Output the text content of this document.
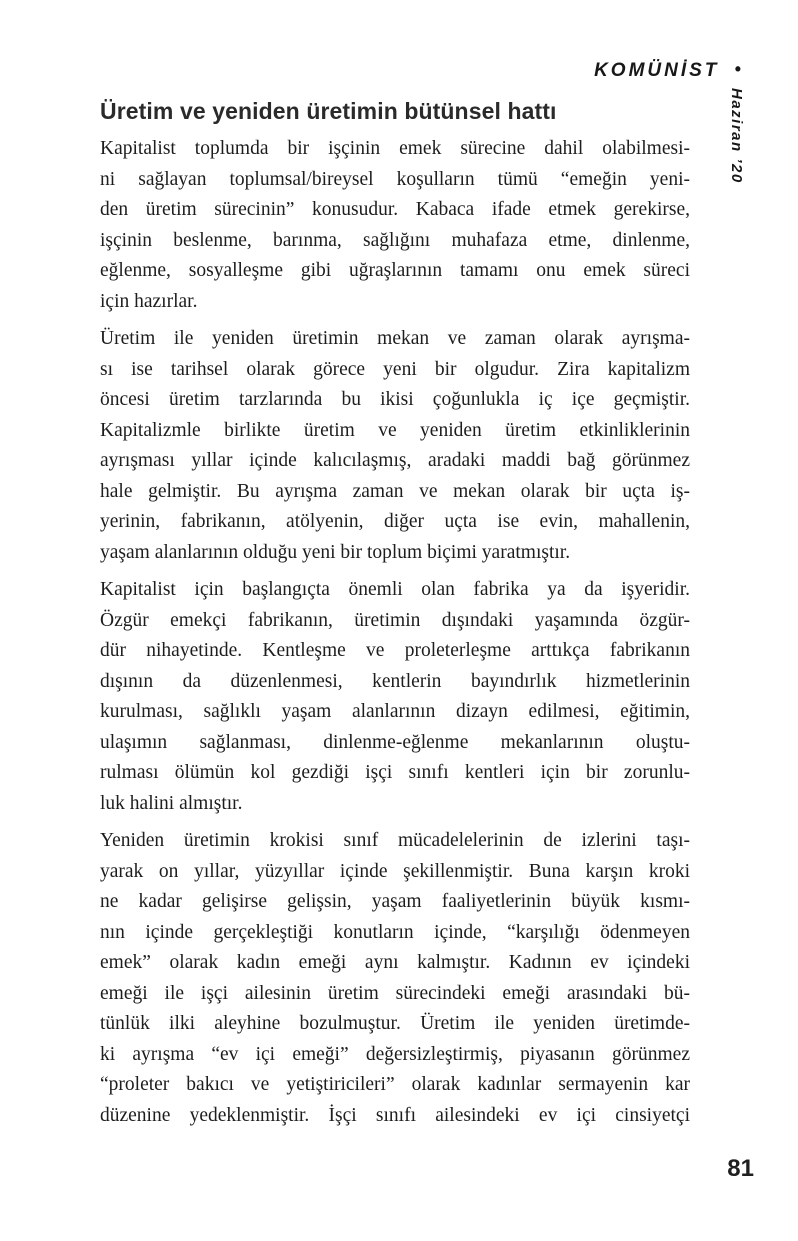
KOMÜNİST •
Haziran ’20
Üretim ve yeniden üretimin bütünsel hattı

Kapitalist toplumda bir işçinin emek sürecine dahil olabilmesi-
ni sağlayan toplumsal/bireysel koşulların tümü “emeğin yeni-
den üretim sürecinin” konusudur. Kabaca ifade etmek gerekirse,
işçinin beslenme, barınma, sağlığını muhafaza etme, dinlenme,
eğlenme, sosyalleşme gibi uğraşlarının tamamı onu emek süreci
için hazırlar.

Üretim ile yeniden üretimin mekan ve zaman olarak ayrışma-
sı ise tarihsel olarak görece yeni bir olgudur. Zira kapitalizm
öncesi üretim tarzlarında bu ikisi çoğunlukla iç içe geçmiştir.
Kapitalizmle birlikte üretim ve yeniden üretim etkinliklerinin
ayrışması yıllar içinde kalıcılaşmış, aradaki maddi bağ görünmez
hale gelmiştir. Bu ayrışma zaman ve mekan olarak bir uçta iş-
yerinin, fabrikanın, atölyenin, diğer uçta ise evin, mahallenin,
yaşam alanlarının olduğu yeni bir toplum biçimi yaratmıştır.

Kapitalist için başlangıçta önemli olan fabrika ya da işyeridir.
Özgür emekçi fabrikanın, üretimin dışındaki yaşamında özgür-
dür nihayetinde. Kentleşme ve proleterleşme arttıkça fabrikanın
dışının da düzenlenmesi, kentlerin bayındırlık hizmetlerinin
kurulması, sağlıklı yaşam alanlarının dizayn edilmesi, eğitimin,
ulaşımın sağlanması, dinlenme-eğlenme mekanlarının oluştu-
rulması ölümün kol gezdiği işçi sınıfı kentleri için bir zorunlu-
luk halini almıştır.

Yeniden üretimin krokisi sınıf mücadelelerinin de izlerini taşı-
yarak on yıllar, yüzyıllar içinde şekillenmiştir. Buna karşın kroki
ne kadar gelişirse gelişsin, yaşam faaliyetlerinin büyük kısmı-
nın içinde gerçekleştiği konutların içinde, “karşılığı ödenmeyen
emek” olarak kadın emeği aynı kalmıştır. Kadının ev içindeki
emeği ile işçi ailesinin üretim sürecindeki emeği arasındaki bü-
tünlük ilki aleyhine bozulmuştur. Üretim ile yeniden üretimde-
ki ayrışma “ev içi emeği” değersizleştirmiş, piyasanın görünmez
“proleter bakıcı ve yetiştiricileri” olarak kadınlar sermayenin kar
düzenine yedeklenmiştir. İşçi sınıfı ailesindeki ev içi cinsiyetçi

81
